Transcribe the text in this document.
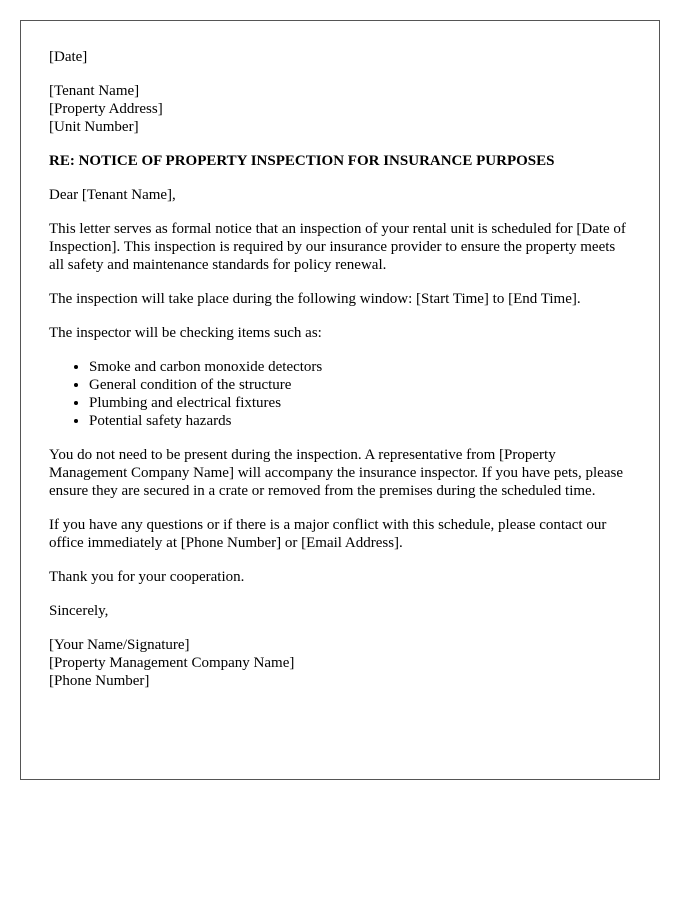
[Date]
[Tenant Name]
[Property Address]
[Unit Number]
RE: NOTICE OF PROPERTY INSPECTION FOR INSURANCE PURPOSES

Dear [Tenant Name],

This letter serves as formal notice that an inspection of your rental unit is scheduled for [Date of Inspection]. This inspection is required by our insurance provider to ensure the property meets all safety and maintenance standards for policy renewal.

The inspection will take place during the following window: [Start Time] to [End Time].

The inspector will be checking items such as:

• Smoke and carbon monoxide detectors
• General condition of the structure
• Plumbing and electrical fixtures
• Potential safety hazards

You do not need to be present during the inspection. A representative from [Property Management Company Name] will accompany the insurance inspector. If you have pets, please ensure they are secured in a crate or removed from the premises during the scheduled time.

If you have any questions or if there is a major conflict with this schedule, please contact our office immediately at [Phone Number] or [Email Address].

Thank you for your cooperation.

Sincerely,

[Your Name/Signature]
[Property Management Company Name]
[Phone Number]
